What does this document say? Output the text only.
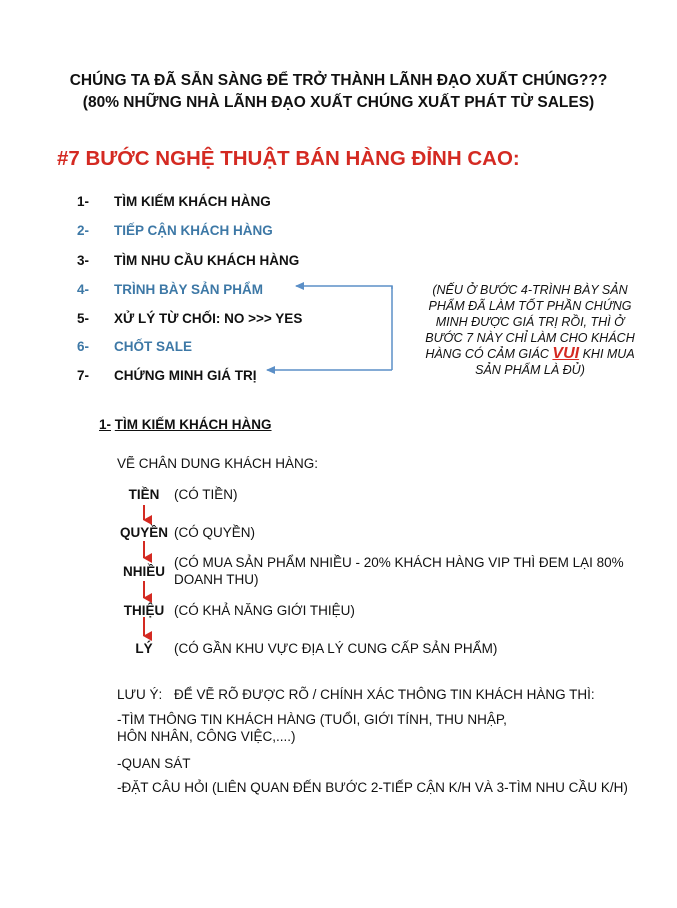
CHÚNG TA ĐÃ SẴN SÀNG ĐỂ TRỞ THÀNH LÃNH ĐẠO XUẤT CHÚNG???
(80% NHỮNG NHÀ LÃNH ĐẠO XUẤT CHÚNG XUẤT PHÁT TỪ SALES)
#7 BƯỚC NGHỆ THUẬT BÁN HÀNG ĐỈNH CAO:
1- TÌM KIẾM KHÁCH HÀNG
2- TIẾP CẬN KHÁCH HÀNG
3- TÌM NHU CẦU KHÁCH HÀNG
4- TRÌNH BÀY SẢN PHẨM
5- XỬ LÝ TỪ CHỐI: NO >>> YES
6- CHỐT SALE
7- CHỨNG MINH GIÁ TRỊ
(NẾU Ở BƯỚC 4-TRÌNH BÀY SẢN
PHẨM ĐÃ LÀM TỐT PHẦN CHỨNG
MINH ĐƯỢC GIÁ TRỊ RỒI, THÌ Ở
BƯỚC 7 NÀY CHỈ LÀM CHO KHÁCH
HÀNG CÓ CẢM GIÁC VUI KHI MUA
SẢN PHẨM LÀ ĐỦ)
1- TÌM KIẾM KHÁCH HÀNG
VẼ CHÂN DUNG KHÁCH HÀNG:
TIỀN	(CÓ TIỀN)
QUYỀN (CÓ QUYỀN)
NHIỀU
(CÓ MUA SẢN PHẨM NHIỀU - 20% KHÁCH HÀNG VIP THÌ ĐEM LẠI 80%
DOANH THU)
THIỆU (CÓ KHẢ NĂNG GIỚI THIỆU)
LÝ	(CÓ GẦN KHU VỰC ĐỊA LÝ CUNG CẤP SẢN PHẨM)
LƯU Ý: ĐỂ VẼ RÕ ĐƯỢC RÕ / CHÍNH XÁC THÔNG TIN KHÁCH HÀNG THÌ:
-TÌM THÔNG TIN KHÁCH HÀNG (TUỔI, GIỚI TÍNH, THU NHẬP,
HÔN NHÂN, CÔNG VIỆC,....)
-QUAN SÁT
-ĐẶT CÂU HỎI (LIÊN QUAN ĐẾN BƯỚC 2-TIẾP CẬN K/H VÀ 3-TÌM NHU CẦU K/H)
